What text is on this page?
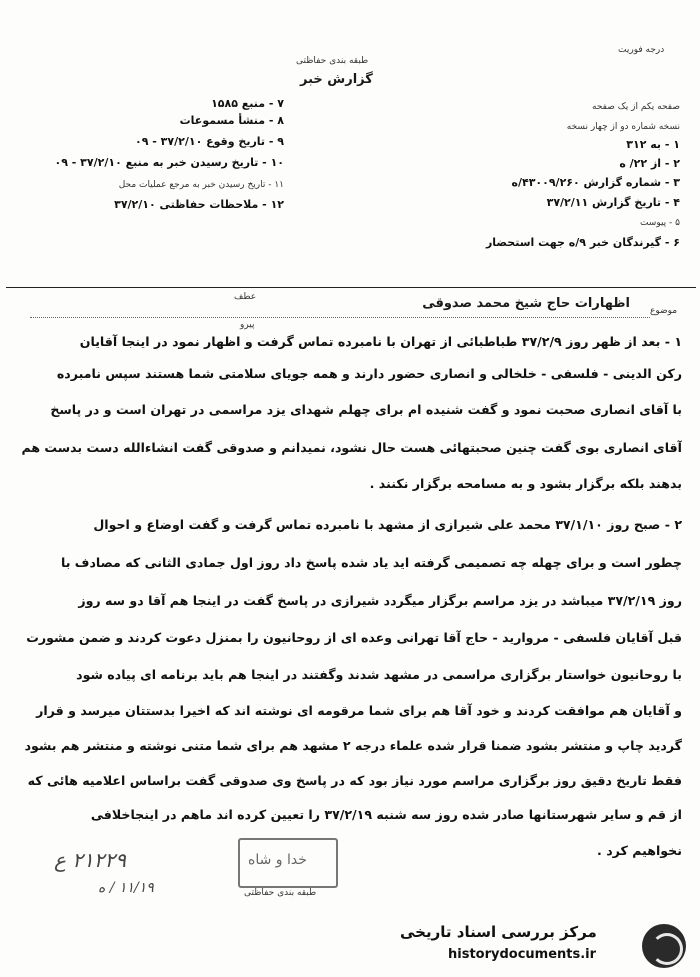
طبقه بندی حفاظتی
گزارش خبر
درجه فوریت
صفحه یکم از یک صفحه
نسخه شماره دو از چهار نسخه
۱ - به ۳۱۲
۲ - از ۲۲/ ه
۳ - شماره گزارش ۴۳۰۰۹/۲۶۰/ه
۴ - تاریخ گزارش ۳۷/۲/۱۱
۵ - پیوست
۶ - گیرندگان خبر ۹/ه جهت استحضار
۷ - منبع ۱۵۸۵
۸ - منشأ مسموعات
۹ - تاریخ وقوع ۳۷/۲/۱۰ - ۰۹
۱۰ - تاریخ رسیدن خبر به منبع ۳۷/۲/۱۰ - ۰۹
۱۱ - تاریخ رسیدن خبر به مرجع عملیات محل
۱۲ - ملاحظات حفاظتی ۳۷/۲/۱۰
موضوع
اظهارات حاج شیخ محمد صدوقی
عطف
پیرو
۱ - بعد از ظهر روز ۳۷/۲/۹ طباطبائی از تهران با نامبرده تماس گرفت و اظهار نمود در اینجا آقایان
رکن الدینی - فلسفی - خلخالی و انصاری حضور دارند و همه جویای سلامتی شما هستند سپس نامبرده
با آقای انصاری صحبت نمود و گفت شنیده ام برای چهلم شهدای یزد مراسمی در تهران است و در پاسخ
آقای انصاری بوی گفت چنین صحبتهائی هست حال نشود، نمیدانم و صدوقی گفت انشاءالله دست بدست هم
بدهند بلکه برگزار بشود و به مسامحه برگزار نکنند .
۲ - صبح روز ۳۷/۱/۱۰ محمد علی شیرازی از مشهد با نامبرده تماس گرفت و گفت اوضاع و احوال
چطور است و برای چهله چه تصمیمی گرفته اید یاد شده پاسخ داد روز اول جمادی الثانی که مصادف با
روز ۳۷/۲/۱۹ میباشد در یزد مراسم برگزار میگردد شیرازی در پاسخ گفت در اینجا هم آقا دو سه روز
قبل آقایان فلسفی - مروارید - حاج آقا تهرانی وعده ای از روحانیون را بمنزل دعوت کردند و ضمن مشورت
با روحانیون خواستار برگزاری مراسمی در مشهد شدند وگفتند در اینجا هم باید برنامه ای پیاده شود
و آقایان هم موافقت کردند و خود آقا هم برای شما مرقومه ای نوشته اند که اخیرا بدستتان میرسد و قرار
گردید چاپ و منتشر بشود ضمنا قرار شده علماء درجه ۲ مشهد هم برای شما متنی نوشته و منتشر هم بشود
فقط تاریخ دقیق روز برگزاری مراسم مورد نیاز بود که در پاسخ وی صدوقی گفت براساس اعلامیه هائی که
از قم و سایر شهرستانها صادر شده روز سه شنبه ۳۷/۲/۱۹ را تعیین کرده اند ماهم در اینجاخلافی
نخواهیم کرد .
۲۱۲۲۹ ع
۱۱/۱۹ / ه
خدا و شاه
طبقه بندی حفاظتی
مرکز بررسی اسناد تاریخی
historydocuments.ir
